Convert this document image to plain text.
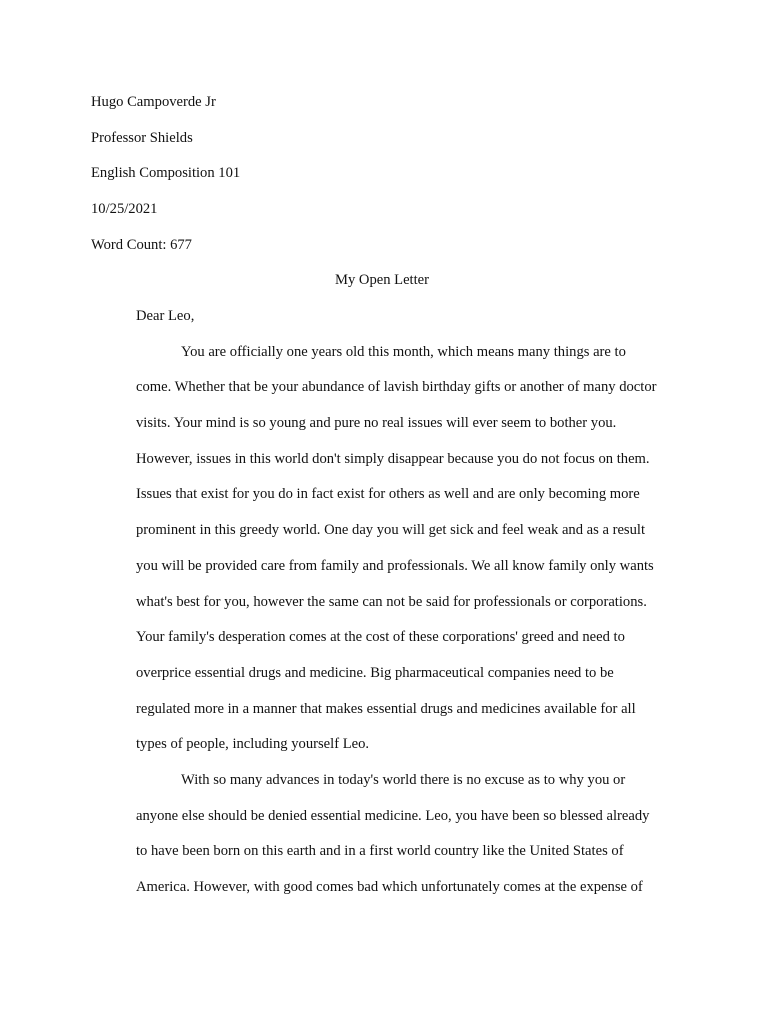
Hugo Campoverde Jr
Professor Shields
English Composition 101
10/25/2021
Word Count: 677
My Open Letter
Dear Leo,
You are officially one years old this month, which means many things are to
come. Whether that be your abundance of lavish birthday gifts or another of many doctor
visits. Your mind is so young and pure no real issues will ever seem to bother you.
However, issues in this world don't simply disappear because you do not focus on them.
Issues that exist for you do in fact exist for others as well and are only becoming more
prominent in this greedy world. One day you will get sick and feel weak and as a result
you will be provided care from family and professionals. We all know family only wants
what's best for you, however the same can not be said for professionals or corporations.
Your family's desperation comes at the cost of these corporations' greed and need to
overprice essential drugs and medicine. Big pharmaceutical companies need to be
regulated more in a manner that makes essential drugs and medicines available for all
types of people, including yourself Leo.
With so many advances in today's world there is no excuse as to why you or
anyone else should be denied essential medicine. Leo, you have been so blessed already
to have been born on this earth and in a first world country like the United States of
America. However, with good comes bad which unfortunately comes at the expense of
